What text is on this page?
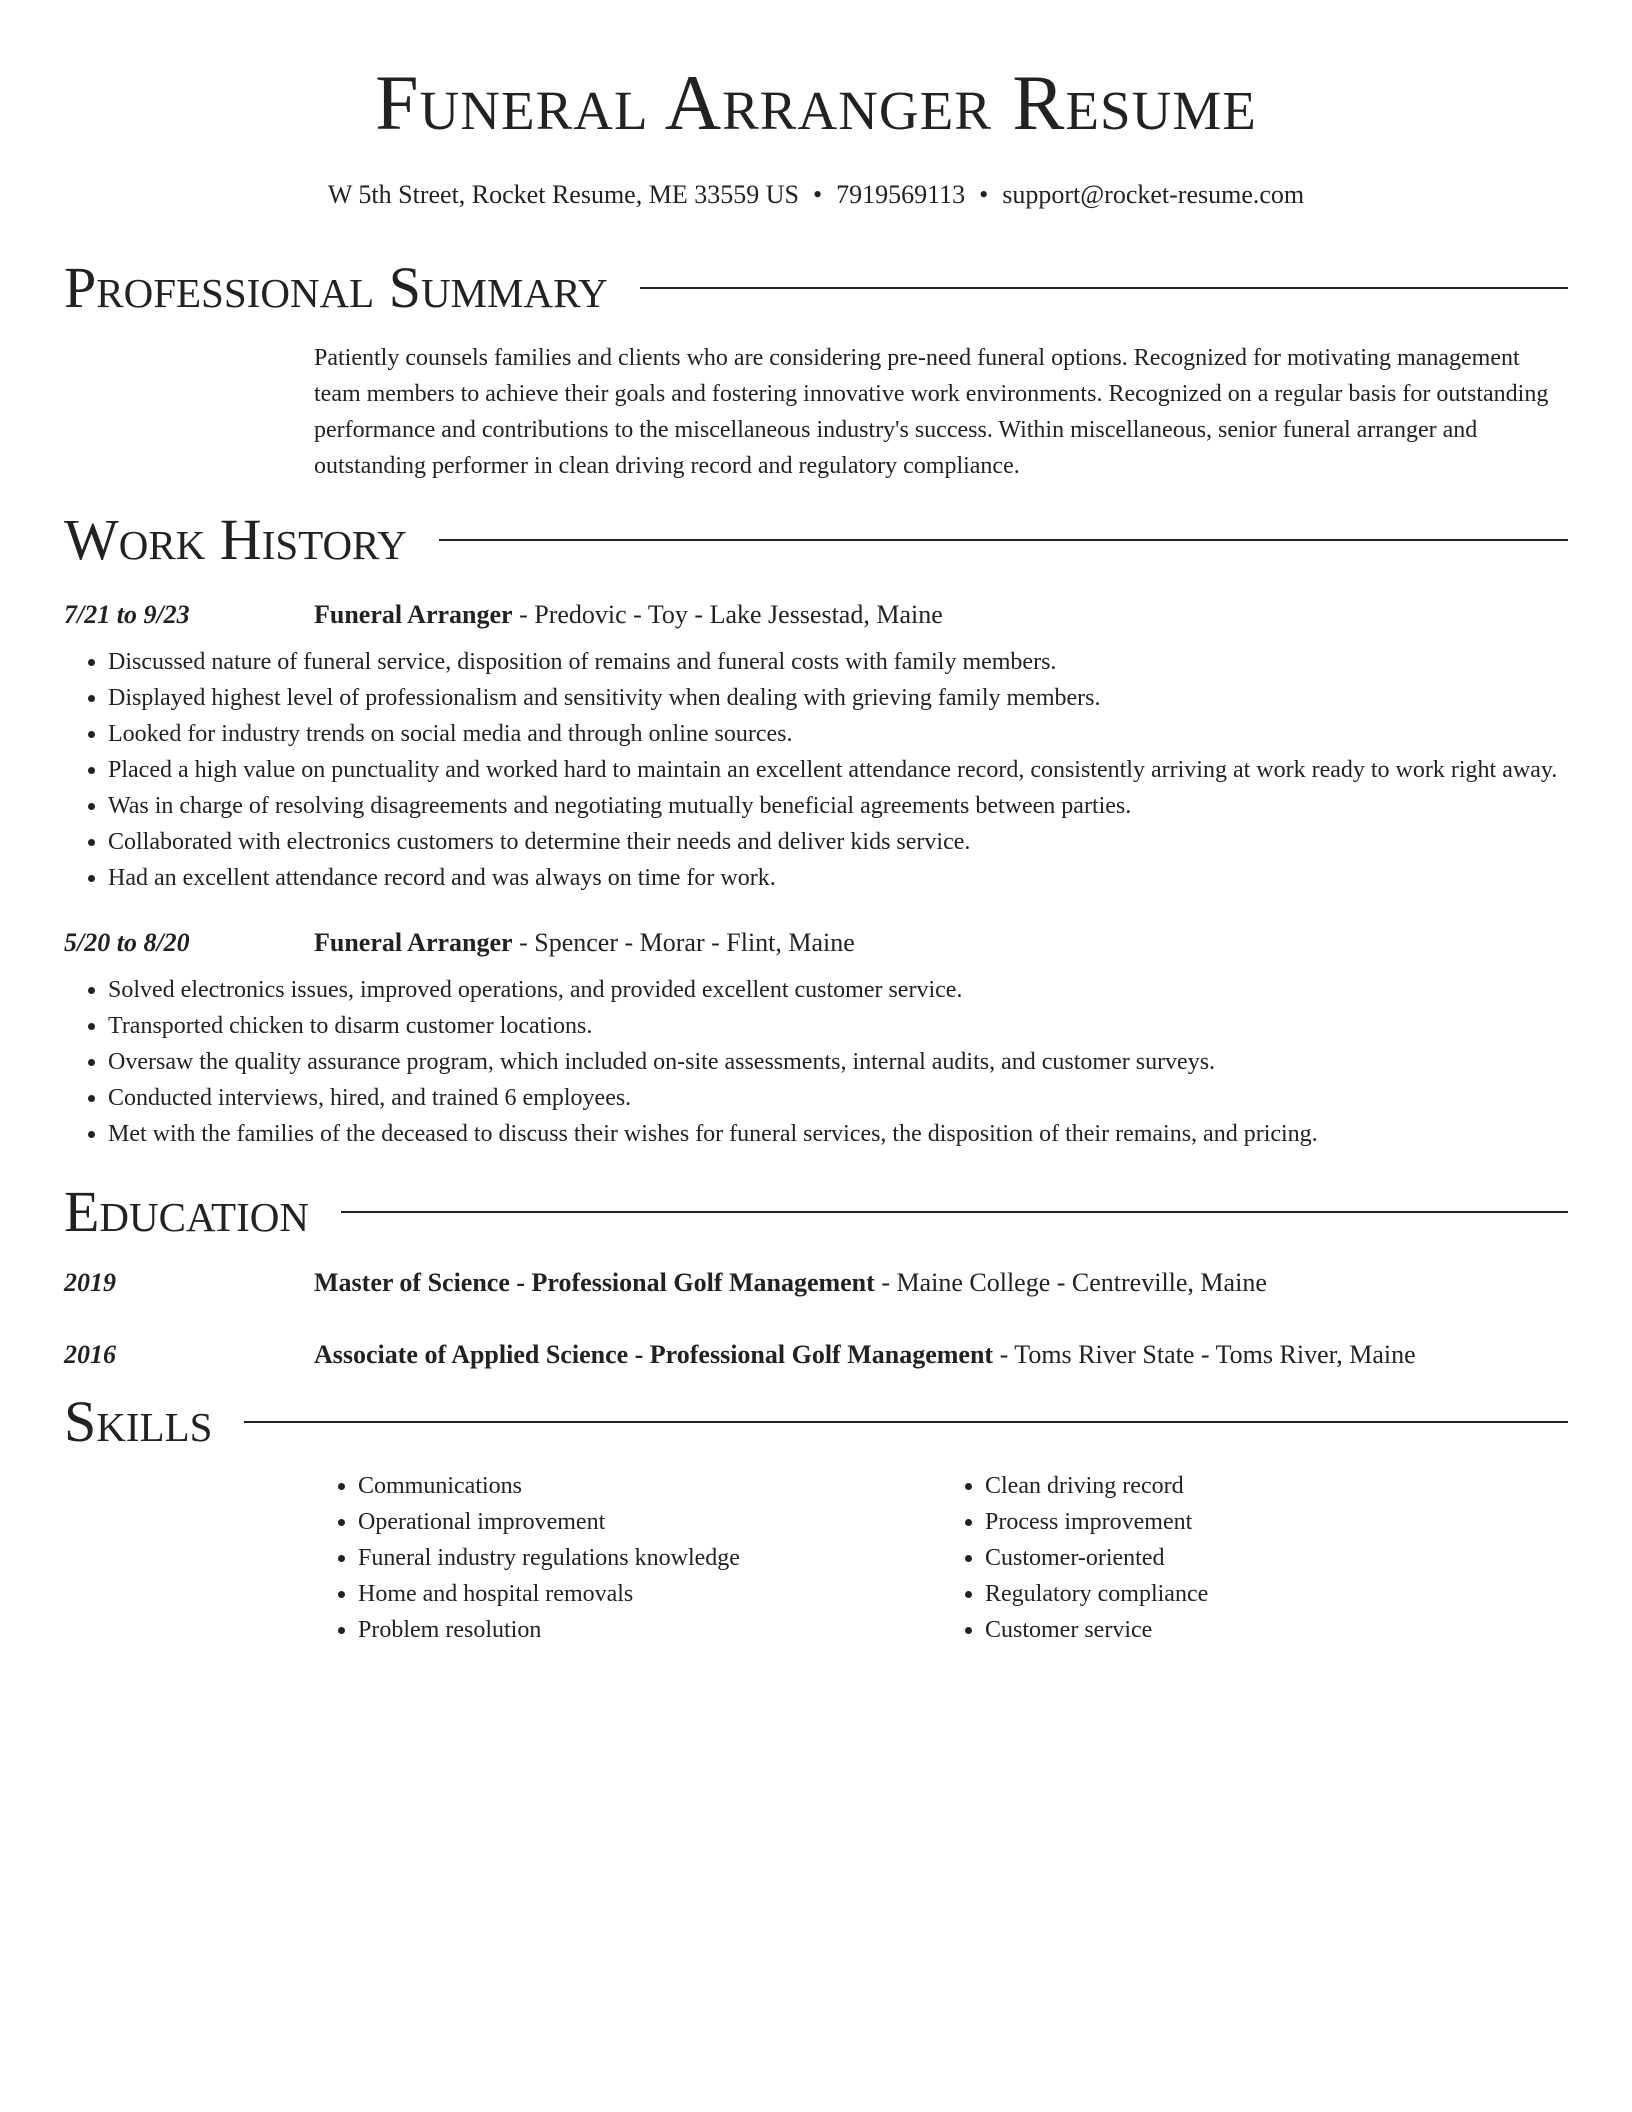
Funeral Arranger Resume
W 5th Street, Rocket Resume, ME 33559 US • 7919569113 • support@rocket-resume.com
Professional Summary

Patiently counsels families and clients who are considering pre-need funeral options. Recognized for motivating management team members to achieve their goals and fostering innovative work environments. Recognized on a regular basis for outstanding performance and contributions to the miscellaneous industry's success. Within miscellaneous, senior funeral arranger and outstanding performer in clean driving record and regulatory compliance.

Work History
7/21 to 9/23	Funeral Arranger - Predovic - Toy - Lake Jessestad, Maine
• Discussed nature of funeral service, disposition of remains and funeral costs with family members.
• Displayed highest level of professionalism and sensitivity when dealing with grieving family members.
• Looked for industry trends on social media and through online sources.
• Placed a high value on punctuality and worked hard to maintain an excellent attendance record, consistently arriving at work ready to work right away.
• Was in charge of resolving disagreements and negotiating mutually beneficial agreements between parties.
• Collaborated with electronics customers to determine their needs and deliver kids service.
• Had an excellent attendance record and was always on time for work.
5/20 to 8/20	Funeral Arranger - Spencer - Morar - Flint, Maine
• Solved electronics issues, improved operations, and provided excellent customer service.
• Transported chicken to disarm customer locations.
• Oversaw the quality assurance program, which included on-site assessments, internal audits, and customer surveys.
• Conducted interviews, hired, and trained 6 employees.
• Met with the families of the deceased to discuss their wishes for funeral services, the disposition of their remains, and pricing.
Education
2019	Master of Science - Professional Golf Management - Maine College - Centreville, Maine
2016	Associate of Applied Science - Professional Golf Management - Toms River State - Toms River, Maine
Skills
• Communications
• Operational improvement
• Funeral industry regulations knowledge
• Home and hospital removals
• Problem resolution
• Clean driving record
• Process improvement
• Customer-oriented
• Regulatory compliance
• Customer service
